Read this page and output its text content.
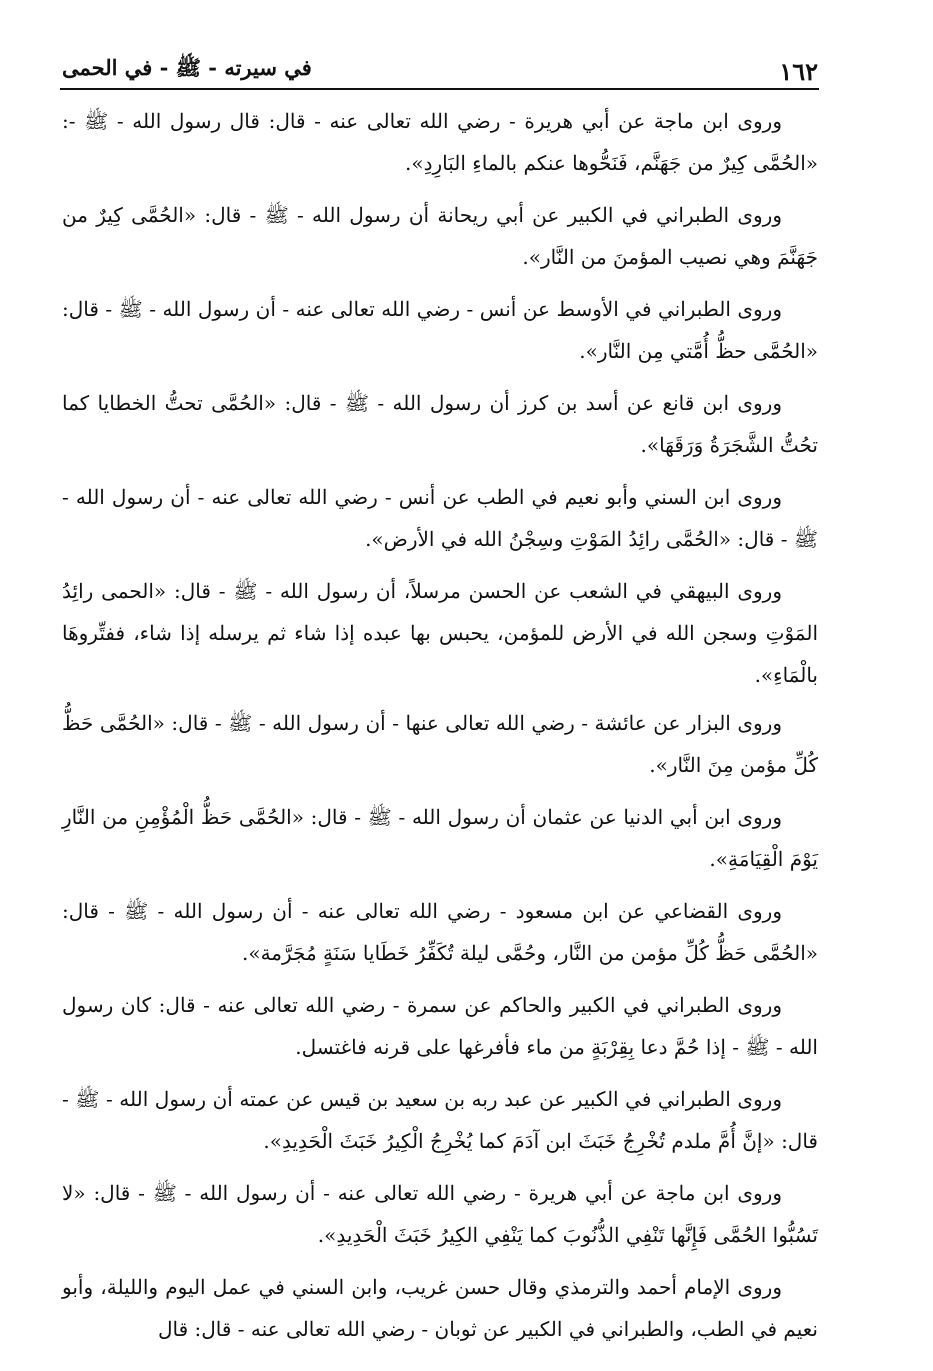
١٦٢
في سيرته - ﷺ - في الحمى

وروى ابن ماجة عن أبي هريرة - رضي الله تعالى عنه - قال: قال رسول الله - ﷺ -: «الحُمَّى كِيرٌ من جَهَنَّم، فَنَحُّوها عنكم بالماءِ البَارِدِ».

وروى الطبراني في الكبير عن أبي ريحانة أن رسول الله - ﷺ - قال: «الحُمَّى كِيرٌ من جَهَنَّمَ وهي نصيب المؤمنَ من النَّار».

وروى الطبراني في الأوسط عن أنس - رضي الله تعالى عنه - أن رسول الله - ﷺ - قال: «الحُمَّى حظُّ أُمَّتي مِن النَّار».

وروى ابن قانع عن أسد بن كرز أن رسول الله - ﷺ - قال: «الحُمَّى تحتُّ الخطايا كما تحُتُّ الشَّجَرَةُ وَرَقَهَا».

وروى ابن السني وأبو نعيم في الطب عن أنس - رضي الله تعالى عنه - أن رسول الله - ﷺ - قال: «الحُمَّى رائِدُ المَوْتِ وسِجْنُ الله في الأرض».

وروى البيهقي في الشعب عن الحسن مرسلاً، أن رسول الله - ﷺ - قال: «الحمى رائِدُ المَوْتِ وسجن الله في الأرض للمؤمن، يحبس بها عبده إذا شاء ثم يرسله إذا شاء، ففتِّروهَا بالْمَاءِ».

وروى البزار عن عائشة - رضي الله تعالى عنها - أن رسول الله - ﷺ - قال: «الحُمَّى حَظُّ كُلِّ مؤمن مِنَ النَّار».

وروى ابن أبي الدنيا عن عثمان أن رسول الله - ﷺ - قال: «الحُمَّى حَظُّ الْمُؤْمِنِ من النَّارِ يَوْمَ الْقِيَامَةِ».

وروى القضاعي عن ابن مسعود - رضي الله تعالى عنه - أن رسول الله - ﷺ - قال: «الحُمَّى حَظُّ كُلِّ مؤمن من النَّار، وحُمَّى ليلة تُكَفِّرُ خَطَايا سَنَةٍ مُجَرَّمة».

وروى الطبراني في الكبير والحاكم عن سمرة - رضي الله تعالى عنه - قال: كان رسول الله - ﷺ - إذا حُمَّ دعا بِقِرْبَةٍ من ماء فأفرغها على قرنه فاغتسل.

وروى الطبراني في الكبير عن عبد ربه بن سعيد بن قيس عن عمته أن رسول الله - ﷺ - قال: «إنَّ أُمَّ ملدم تُخْرِجُ خَبَثَ ابن آدَمَ كما يُخْرِجُ الْكِيرُ خَبَثَ الْحَدِيدِ».

وروى ابن ماجة عن أبي هريرة - رضي الله تعالى عنه - أن رسول الله - ﷺ - قال: «لا تَسُبُّوا الحُمَّى فَإِنَّها تَنْفِي الذُّنُوبَ كما يَنْفِي الكِيرُ خَبَثَ الْحَدِيدِ».

وروى الإمام أحمد والترمذي وقال حسن غريب، وابن السني في عمل اليوم والليلة، وأبو نعيم في الطب، والطبراني في الكبير عن ثوبان - رضي الله تعالى عنه - قال: قال
